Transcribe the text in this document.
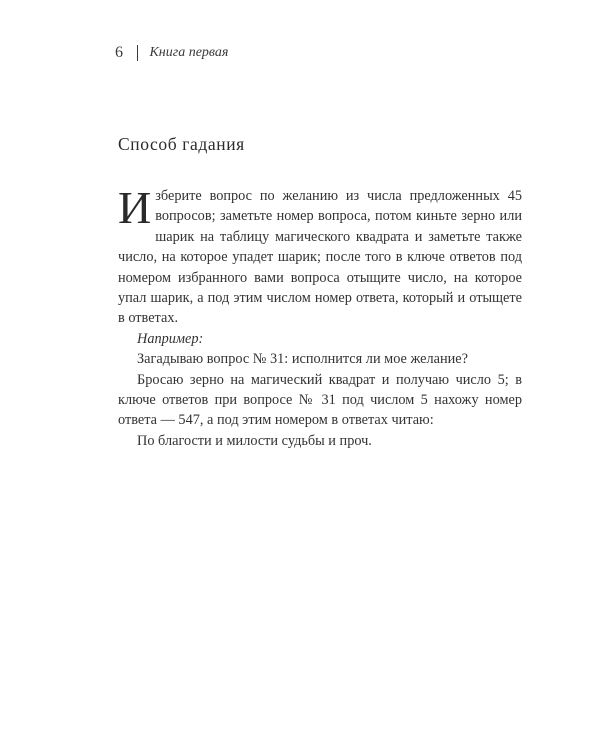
6 Книга первая
Способ гадания

Изберите вопрос по желанию из числа предложенных 45 вопросов; заметьте номер вопроса, потом киньте зерно или шарик на таблицу магического квадрата и заметьте также число, на которое упадет шарик; после того в ключе ответов под номером избранного вами вопроса отыщите число, на которое упал шарик, а под этим числом номер ответа, который и отыщете в ответах.

Например:

Загадываю вопрос № 31: исполнится ли мое желание?

Бросаю зерно на магический квадрат и получаю число 5; в ключе ответов при вопросе № 31 под числом 5 нахожу номер ответа — 547, а под этим номером в ответах читаю:

По благости и милости судьбы и проч.
